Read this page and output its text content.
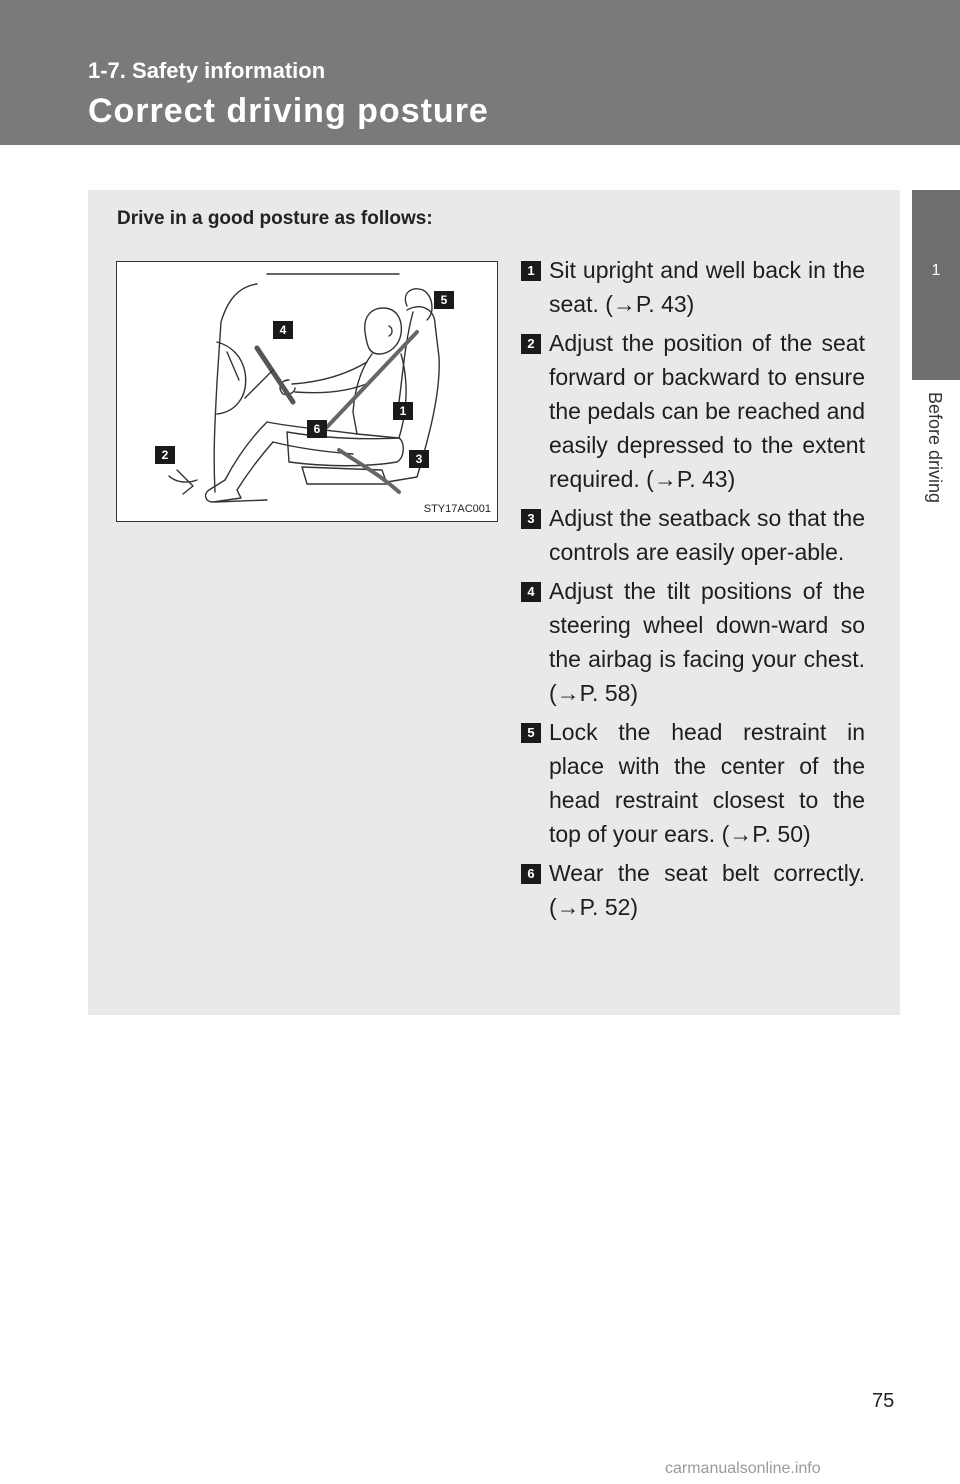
1-7. Safety information
Correct driving posture
1
Before driving
Drive in a good posture as follows:
1
2	3
4
5
6
STY17AC001
1 Sit upright and well back in the seat. (→P. 43)
2 Adjust the position of the seat forward or backward to ensure the pedals can be reached and easily depressed to the extent required. (→P. 43)
3 Adjust the seatback so that the controls are easily oper-able.
4 Adjust the tilt positions of the steering wheel down-ward so the airbag is facing your chest. (→P. 58)
5 Lock the head restraint in place with the center of the head restraint closest to the top of your ears. (→P. 50)
6 Wear the seat belt correctly. (→P. 52)
75
carmanualsonline.info
